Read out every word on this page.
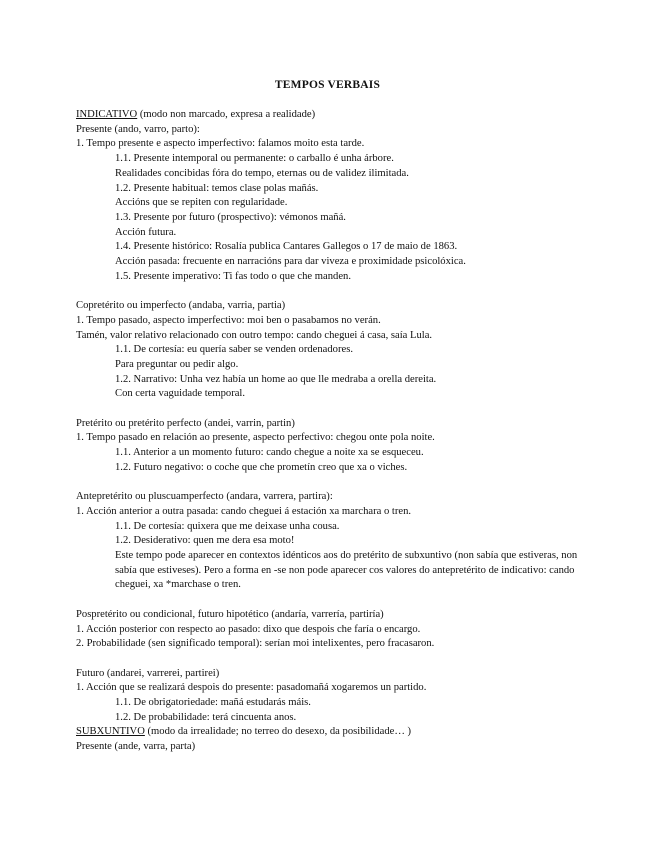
TEMPOS VERBAIS
INDICATIVO (modo non marcado, expresa a realidade)
Presente (ando, varro, parto):
1. Tempo presente e aspecto imperfectivo: falamos moito esta tarde.
1.1. Presente intemporal ou permanente: o carballo é unha árbore.
Realidades concibidas fóra do tempo, eternas ou de validez ilimitada.
1.2. Presente habitual: temos clase polas mañás.
Accións que se repiten con regularidade.
1.3. Presente por futuro (prospectivo): vémonos mañá.
Acción futura.
1.4. Presente histórico: Rosalía publica Cantares Gallegos o 17 de maio de 1863.
Acción pasada: frecuente en narracións para dar viveza e proximidade psicolóxica.
1.5. Presente imperativo: Ti fas todo o que che manden.
Copretérito ou imperfecto (andaba, varria, partia)
1. Tempo pasado, aspecto imperfectivo: moi ben o pasabamos no verán.
Tamén, valor relativo relacionado con outro tempo: cando cheguei á casa, saía Lula.
1.1. De cortesía: eu quería saber se venden ordenadores.
Para preguntar ou pedir algo.
1.2. Narrativo: Unha vez había un home ao que lle medraba a orella dereita.
Con certa vaguidade temporal.
Pretérito ou pretérito perfecto (andei, varrin, partin)
1. Tempo pasado en relación ao presente, aspecto perfectivo: chegou onte pola noite.
1.1. Anterior a un momento futuro: cando chegue a noite xa se esqueceu.
1.2. Futuro negativo: o coche que che prometín creo que xa o viches.
Antepretérito ou pluscuamperfecto (andara, varrera, partira):
1. Acción anterior a outra pasada: cando cheguei á estación xa marchara o tren.
1.1. De cortesía: quixera que me deixase unha cousa.
1.2. Desiderativo: quen me dera esa moto!
Este tempo pode aparecer en contextos idénticos aos do pretérito de subxuntivo (non sabía que estiveras, non sabía que estiveses). Pero a forma en -se non pode aparecer cos valores do antepretérito de indicativo: cando cheguei, xa *marchase o tren.
Pospretérito ou condicional, futuro hipotético (andaría, varrería, partiría)
1. Acción posterior con respecto ao pasado: dixo que despois che faría o encargo.
2. Probabilidade (sen significado temporal): serían moi intelixentes, pero fracasaron.
Futuro (andarei, varrerei, partirei)
1. Acción que se realizará despois do presente: pasadomañá xogaremos un partido.
1.1. De obrigatoriedade: mañá estudarás máis.
1.2. De probabilidade: terá cincuenta anos.
SUBXUNTIVO (modo da irrealidade; no terreo do desexo, da posibilidade… )
Presente (ande, varra, parta)
